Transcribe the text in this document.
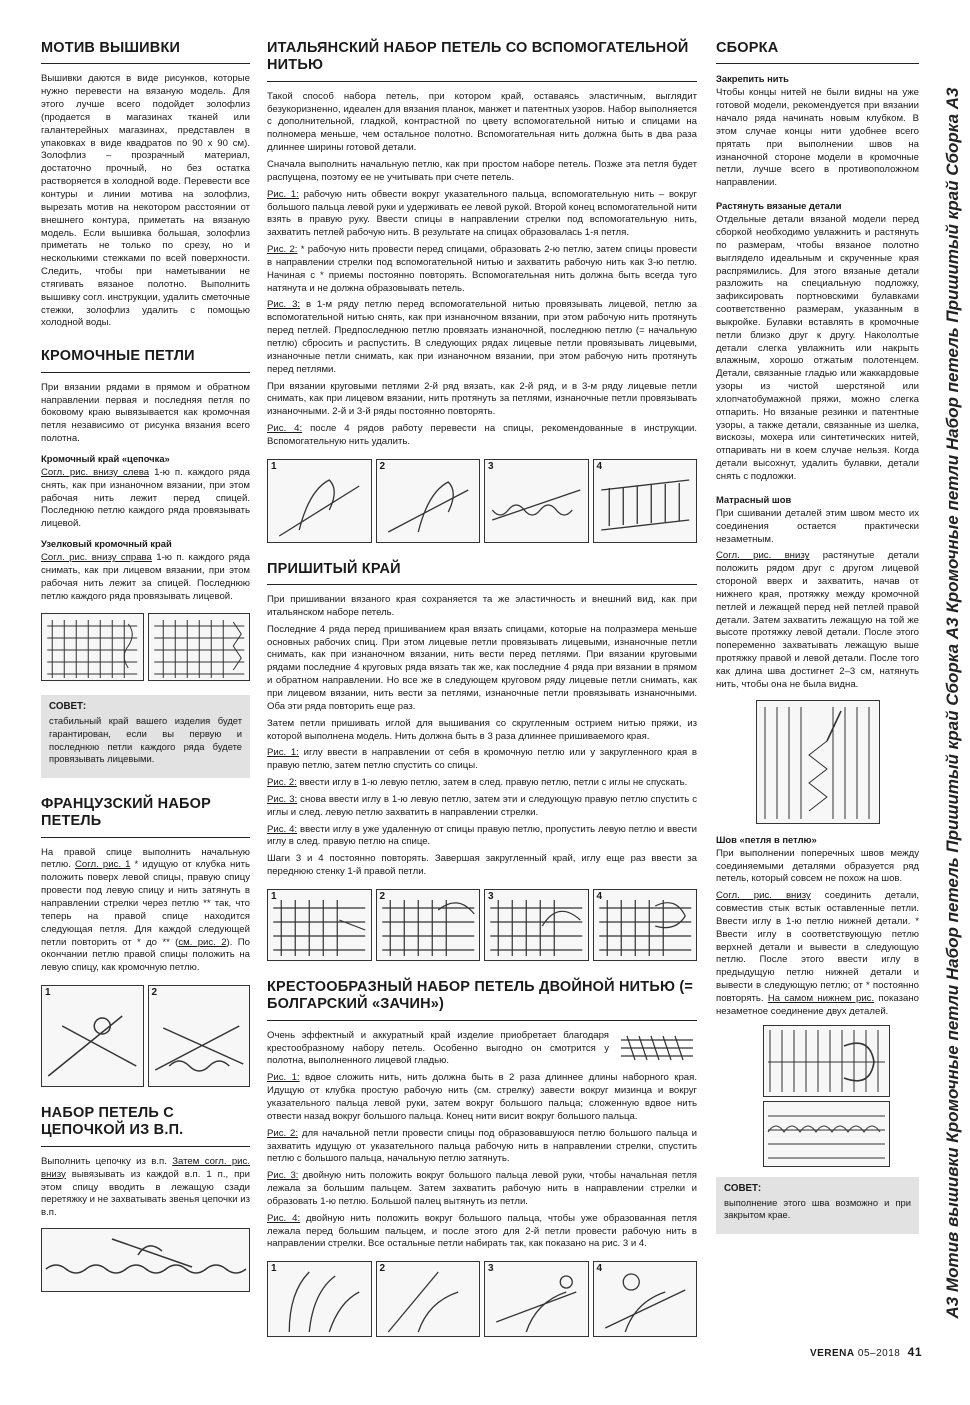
МОТИВ ВЫШИВКИ

Вышивки даются в виде рисунков, которые нужно перевести на вязаную модель. Для этого лучше всего подойдет золофлиз (продается в магазинах тканей или галантерейных магазинах, представлен в упаковках в виде квадратов по 90 х 90 см). Золофлиз – прозрачный материал, достаточно прочный, но без остатка растворяется в холодной воде. Перевести все контуры и линии мотива на золофлиз, вырезать мотив на некотором расстоянии от внешнего контура, приметать на вязаную модель. Если вышивка большая, золофлиз приметать не только по срезу, но и несколькими стежками по всей поверхности. Следить, чтобы при наметывании не стягивать вязаное полотно. Выполнить вышивку согл. инструкции, удалить сметочные стежки, золофлиз удалить с помощью холодной воды.

КРОМОЧНЫЕ ПЕТЛИ

При вязании рядами в прямом и обратном направлении первая и последняя петля по боковому краю вывязывается как кромочная петля независимо от рисунка вязания всего полотна.

Кромочный край «цепочка»

Согл. рис. внизу слева 1-ю п. каждого ряда снять, как при изнаночном вязании, при этом рабочая нить лежит перед спицей. Последнюю петлю каждого ряда провязывать лицевой.

Узелковый кромочный край

Согл. рис. внизу справа 1-ю п. каждого ряда снимать, как при лицевом вязании, при этом рабочая нить лежит за спицей. Последнюю петлю каждого ряда провязывать лицевой.

СОВЕТ:

стабильный край вашего изделия будет гарантирован, если вы первую и последнюю петли каждого ряда будете провязывать лицевыми.

ФРАНЦУЗСКИЙ НАБОР ПЕТЕЛЬ

На правой спице выполнить начальную петлю. Согл. рис. 1 * идущую от клубка нить положить поверх левой спицы, правую спицу провести под левую спицу и нить затянуть в направлении стрелки через петлю ** так, что теперь на правой спице находится следующая петля. Для каждой следующей петли повторить от * до ** (см. рис. 2). По окончании петлю правой спицы положить на левую спицу, как кромочную петлю.

1	2
НАБОР ПЕТЕЛЬ С ЦЕПОЧКОЙ ИЗ В.П.

Выполнить цепочку из в.п. Затем согл. рис. внизу вывязывать из каждой в.п. 1 п., при этом спицу вводить в лежащую сзади перетяжку и не захватывать звенья цепочки из в.п.

ИТАЛЬЯНСКИЙ НАБОР ПЕТЕЛЬ СО ВСПОМОГАТЕЛЬНОЙ НИТЬЮ

Такой способ набора петель, при котором край, оставаясь эластичным, выглядит безукоризненно, идеален для вязания планок, манжет и патентных узоров. Набор выполняется с дополнительной, гладкой, контрастной по цвету вспомогательной нитью и спицами на полномера меньше, чем остальное полотно. Вспомогательная нить должна быть в два раза длиннее ширины готовой детали.

Сначала выполнить начальную петлю, как при простом наборе петель. Позже эта петля будет распущена, поэтому ее не учитывать при счете петель.

Рис. 1: рабочую нить обвести вокруг указательного пальца, вспомогательную нить – вокруг большого пальца левой руки и удерживать ее левой рукой. Второй конец вспомогательной нити взять в правую руку. Ввести спицы в направлении стрелки под вспомогательную нить, захватить петлей рабочую нить. В результате на спицах образовалась 1-я петля.

Рис. 2: * рабочую нить провести перед спицами, образовать 2-ю петлю, затем спицы провести в направлении стрелки под вспомогательной нитью и захватить рабочую нить как 3-ю петлю. Начиная с * приемы постоянно повторять. Вспомогательная нить должна быть всегда туго натянута и не должна образовывать петель.

Рис. 3: в 1-м ряду петлю перед вспомогательной нитью провязывать лицевой, петлю за вспомогательной нитью снять, как при изнаночном вязании, при этом рабочую нить протянуть перед петлей. Предпоследнюю петлю провязать изнаночной, последнюю петлю (= начальную петлю) сбросить и распустить. В следующих рядах лицевые петли провязывать лицевыми, изнаночные петли снимать, как при изнаночном вязании, при этом рабочую нить протянуть перед петлями.

При вязании круговыми петлями 2-й ряд вязать, как 2-й ряд, и в 3-м ряду лицевые петли снимать, как при лицевом вязании, нить протянуть за петлями, изнаночные петли провязывать изнаночными. 2-й и 3-й ряды постоянно повторять.

Рис. 4: после 4 рядов работу перевести на спицы, рекомендованные в инструкции. Вспомогательную нить удалить.

1	2	3	4
ПРИШИТЫЙ КРАЙ

При пришивании вязаного края сохраняется та же эластичность и внешний вид, как при итальянском наборе петель.

Последние 4 ряда перед пришиванием края вязать спицами, которые на полразмера меньше основных рабочих спиц. При этом лицевые петли провязывать лицевыми, изнаночные петли снимать, как при изнаночном вязании, нить вести перед петлями. При вязании круговыми рядами последние 4 круговых ряда вязать так же, как последние 4 ряда при вязании в прямом и обратном направлении. Но все же в следующем круговом ряду лицевые петли снимать, как при лицевом вязании, нить вести за петлями, изнаночные петли провязывать изнаночными. Оба эти ряда повторить еще раз.

Затем петли пришивать иглой для вышивания со скругленным острием нитью пряжи, из которой выполнена модель. Нить должна быть в 3 раза длиннее пришиваемого края.

Рис. 1: иглу ввести в направлении от себя в кромочную петлю или у закругленного края в правую петлю, затем петлю спустить со спицы.

Рис. 2: ввести иглу в 1-ю левую петлю, затем в след. правую петлю, петли с иглы не спускать.

Рис. 3: снова ввести иглу в 1-ю левую петлю, затем эти и следующую правую петлю спустить с иглы и след. левую петлю захватить в направлении стрелки.

Рис. 4: ввести иглу в уже удаленную от спицы правую петлю, пропустить левую петлю и ввести иглу в след. правую петлю на спице.

Шаги 3 и 4 постоянно повторять. Завершая закругленный край, иглу еще раз ввести за переднюю стенку 1-й правой петли.

1	2	3	4
КРЕСТООБРАЗНЫЙ НАБОР ПЕТЕЛЬ ДВОЙНОЙ НИТЬЮ (= БОЛГАРСКИЙ «ЗАЧИН»)

Очень эффектный и аккуратный край изделие приобретает благодаря крестообразному набору петель. Особенно выгодно он смотрится у полотна, выполненного лицевой гладью.

Рис. 1: вдвое сложить нить, нить должна быть в 2 раза длиннее длины наборного края. Идущую от клубка простую рабочую нить (см. стрелку) завести вокруг мизинца и вокруг указательного пальца левой руки, затем вокруг большого пальца; сложенную вдвое нить отвести назад вокруг большого пальца. Конец нити висит вокруг большого пальца.

Рис. 2: для начальной петли провести спицы под образовавшуюся петлю большого пальца и захватить идущую от указательного пальца рабочую нить в направлении стрелки, спустить петлю с большого пальца, начальную петлю затянуть.

Рис. 3: двойную нить положить вокруг большого пальца левой руки, чтобы начальная петля лежала за большим пальцем. Затем захватить рабочую нить в направлении стрелки и образовать 1-ю петлю. Большой палец вытянуть из петли.

Рис. 4: двойную нить положить вокруг большого пальца, чтобы уже образованная петля лежала перед большим пальцем, и после этого для 2-й петли провести рабочую нить в направлении стрелки. Все остальные петли набирать так, как показано на рис. 3 и 4.

1	2	3	4
СБОРКА
Закрепить нить

Чтобы концы нитей не были видны на уже готовой модели, рекомендуется при вязании начало ряда начинать новым клубком. В этом случае концы нити удобнее всего прятать при выполнении швов на изнаночной стороне модели в кромочные петли, лучше всего в противоположном направлении.

Растянуть вязаные детали

Отдельные детали вязаной модели перед сборкой необходимо увлажнить и растянуть по размерам, чтобы вязаное полотно выглядело идеальным и скрученные края распрямились. Для этого вязаные детали разложить на специальную подложку, зафиксировать портновскими булавками соответственно размерам, указанным в выкройке. Булавки вставлять в кромочные петли близко друг к другу. Накололтые детали слегка увлажнить или накрыть влажным, хорошо отжатым полотенцем. Детали, связанные гладью или жаккардовые узоры из чистой шерстяной или хлопчатобумажной пряжи, можно слегка отпарить. Но вязаные резинки и патентные узоры, а также детали, связанные из шелка, вискозы, мохера или синтетических нитей, отпаривать ни в коем случае нельзя. Когда детали высохнут, удалить булавки, детали снять с подложки.

Матрасный шов

При сшивании деталей этим швом место их соединения остается практически незаметным.

Согл. рис. внизу растянутые детали положить рядом друг с другом лицевой стороной вверх и захватить, начав от нижнего края, протяжку между кромочной петлей и лежащей перед ней петлей правой детали. Затем захватить лежащую на той же высоте протяжку левой детали. После этого попеременно захватывать лежащую выше протяжку правой и левой детали. После того как длина шва достигнет 2–3 см, натянуть нить, чтобы она не была видна.

Шов «петля в петлю»

При выполнении поперечных швов между соединяемыми деталями образуется ряд петель, который совсем не похож на шов.

Согл. рис. внизу соединить детали, совместив стык встык оставленные петли. Ввести иглу в 1-ю петлю нижней детали. * Ввести иглу в соответствующую петлю верхней детали и вывести в следующую петлю. После этого ввести иглу в предыдущую петлю нижней детали и вывести в следующую петлю; от * постоянно повторять. На самом нижнем рис. показано незаметное соединение двух деталей.

СОВЕТ:

выполнение этого шва возможно и при закрытом крае.	А3 Мотив вышивки Кромочные петли Набор петель Пришитый край Сборка А3 Кромочные петли Набор петель Пришитый край Сборка А3
VERENA 05–2018 41
